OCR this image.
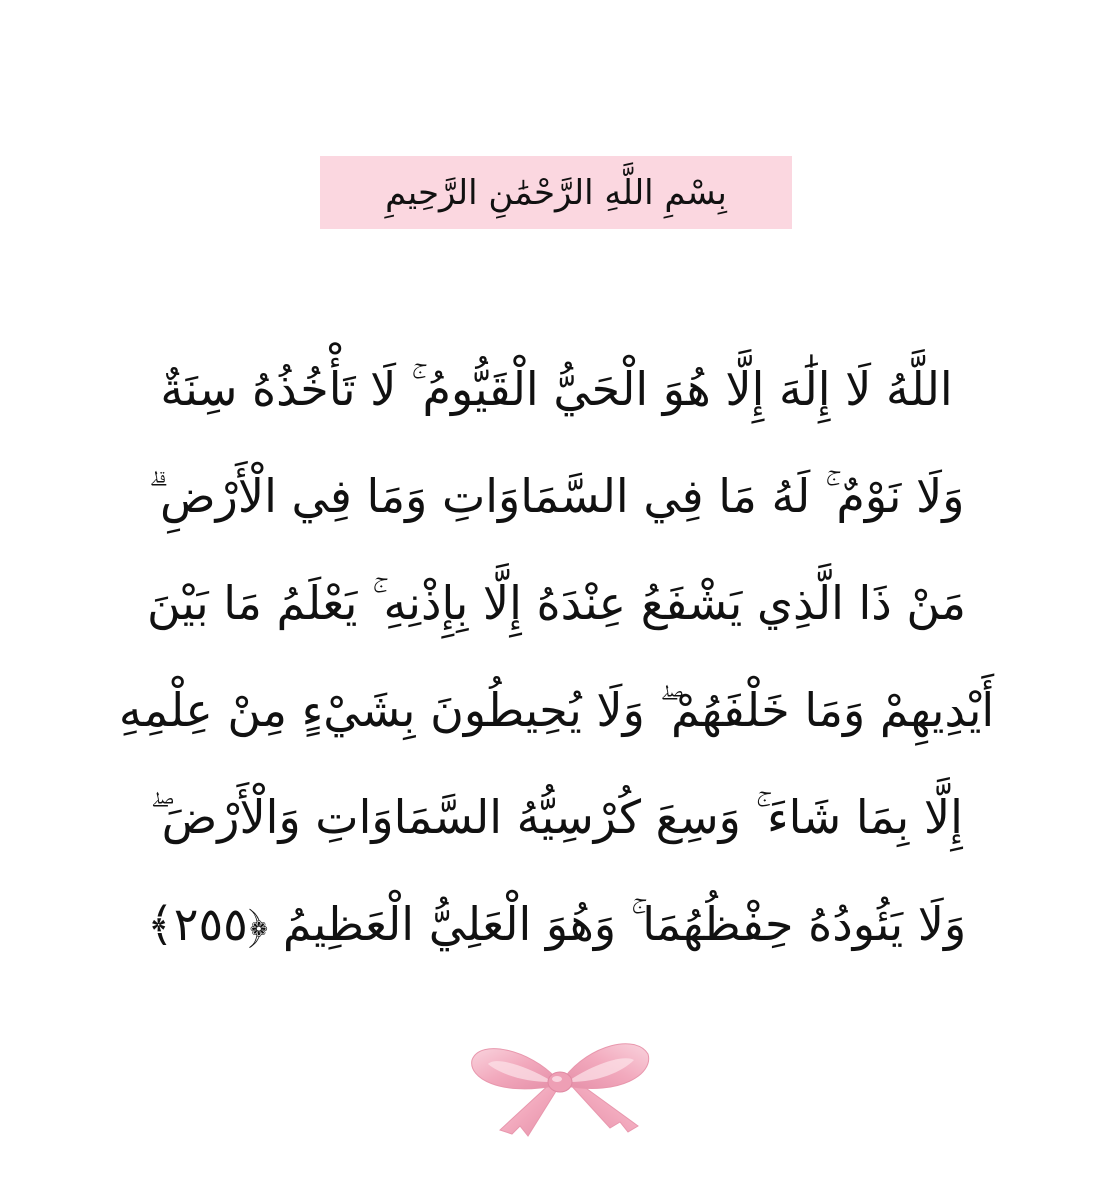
بِسْمِ اللَّهِ الرَّحْمَٰنِ الرَّحِيمِ
اللَّهُ لَا إِلَٰهَ إِلَّا هُوَ الْحَيُّ الْقَيُّومُ ۚ لَا تَأْخُذُهُ سِنَةٌ
وَلَا نَوْمٌ ۚ لَهُ مَا فِي السَّمَاوَاتِ وَمَا فِي الْأَرْضِ ۗ
مَنْ ذَا الَّذِي يَشْفَعُ عِنْدَهُ إِلَّا بِإِذْنِهِ ۚ يَعْلَمُ مَا بَيْنَ
أَيْدِيهِمْ وَمَا خَلْفَهُمْ ۖ وَلَا يُحِيطُونَ بِشَيْءٍ مِنْ عِلْمِهِ
إِلَّا بِمَا شَاءَ ۚ وَسِعَ كُرْسِيُّهُ السَّمَاوَاتِ وَالْأَرْضَ ۖ
وَلَا يَئُودُهُ حِفْظُهُمَا ۚ وَهُوَ الْعَلِيُّ الْعَظِيمُ ﴿٢٥٥﴾
